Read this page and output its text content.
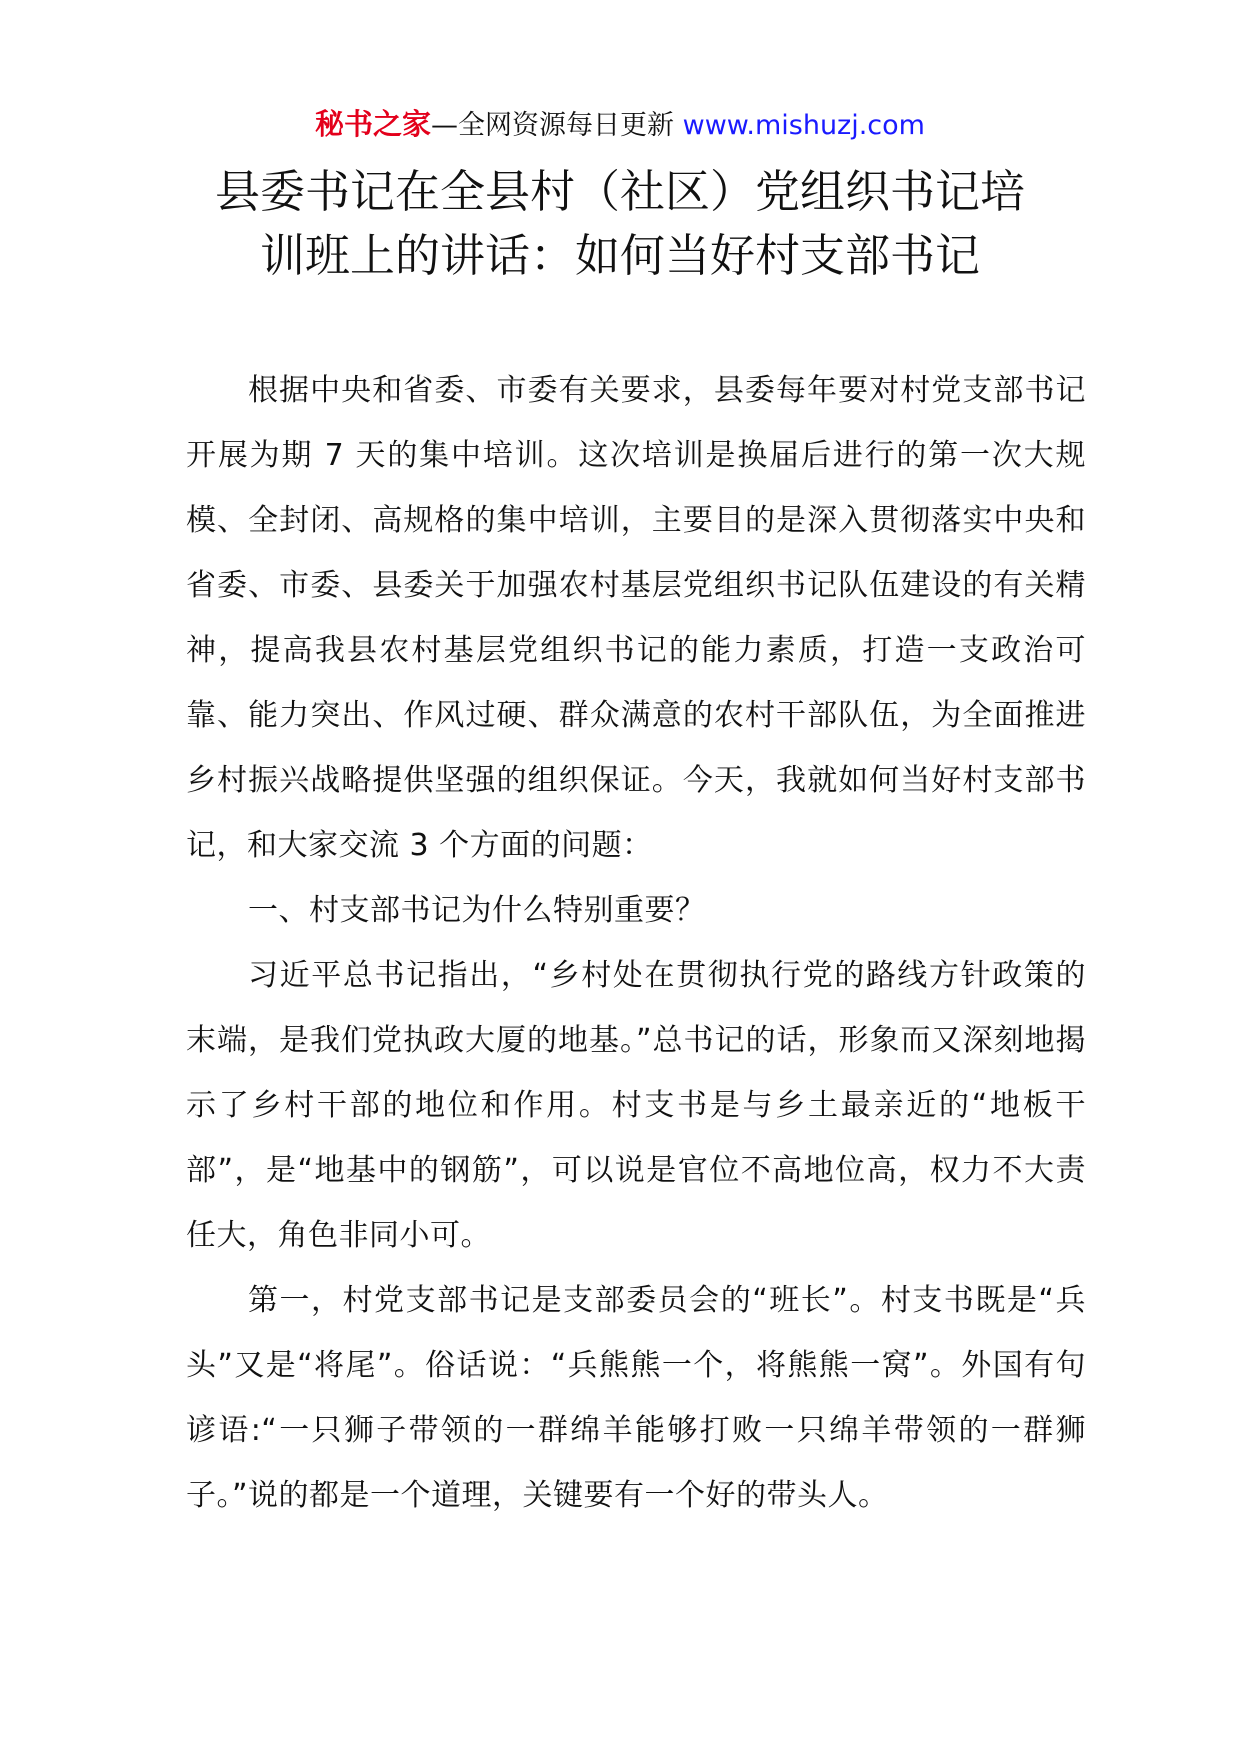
秘书之家—全网资源每日更新 www.mishuzj.com
县委书记在全县村（社区）党组织书记培
训班上的讲话：如何当好村支部书记

根据中央和省委、市委有关要求，县委每年要对村党支部书记开展为期 7 天的集中培训。这次培训是换届后进行的第一次大规模、全封闭、高规格的集中培训，主要目的是深入贯彻落实中央和省委、市委、县委关于加强农村基层党组织书记队伍建设的有关精神，提高我县农村基层党组织书记的能力素质，打造一支政治可靠、能力突出、作风过硬、群众满意的农村干部队伍，为全面推进乡村振兴战略提供坚强的组织保证。今天，我就如何当好村支部书记，和大家交流 3 个方面的问题：

一、村支部书记为什么特别重要？

习近平总书记指出，“乡村处在贯彻执行党的路线方针政策的末端，是我们党执政大厦的地基。”总书记的话，形象而又深刻地揭示了乡村干部的地位和作用。村支书是与乡土最亲近的“地板干部”，是“地基中的钢筋”，可以说是官位不高地位高，权力不大责任大，角色非同小可。

第一，村党支部书记是支部委员会的“班长”。村支书既是“兵头”又是“将尾”。俗话说：“兵熊熊一个，将熊熊一窝”。外国有句谚语:“一只狮子带领的一群绵羊能够打败一只绵羊带领的一群狮子。”说的都是一个道理，关键要有一个好的带头人。
